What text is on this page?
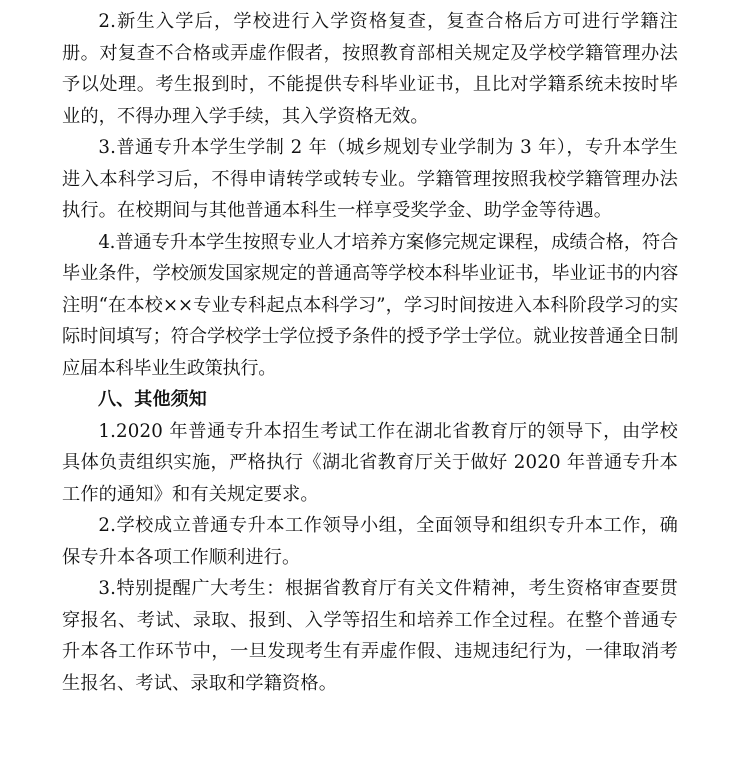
2.新生入学后，学校进行入学资格复查，复查合格后方可进行学籍注册。对复查不合格或弄虚作假者，按照教育部相关规定及学校学籍管理办法予以处理。考生报到时，不能提供专科毕业证书，且比对学籍系统未按时毕业的，不得办理入学手续，其入学资格无效。

3.普通专升本学生学制 2 年（城乡规划专业学制为 3 年），专升本学生进入本科学习后，不得申请转学或转专业。学籍管理按照我校学籍管理办法执行。在校期间与其他普通本科生一样享受奖学金、助学金等待遇。

4.普通专升本学生按照专业人才培养方案修完规定课程，成绩合格，符合毕业条件，学校颁发国家规定的普通高等学校本科毕业证书，毕业证书的内容注明“在本校××专业专科起点本科学习”，学习时间按进入本科阶段学习的实际时间填写；符合学校学士学位授予条件的授予学士学位。就业按普通全日制应届本科毕业生政策执行。

八、其他须知

1.2020 年普通专升本招生考试工作在湖北省教育厅的领导下，由学校具体负责组织实施，严格执行《湖北省教育厅关于做好 2020 年普通专升本工作的通知》和有关规定要求。

2.学校成立普通专升本工作领导小组，全面领导和组织专升本工作，确保专升本各项工作顺利进行。

3.特别提醒广大考生：根据省教育厅有关文件精神，考生资格审查要贯穿报名、考试、录取、报到、入学等招生和培养工作全过程。在整个普通专升本各工作环节中，一旦发现考生有弄虚作假、违规违纪行为，一律取消考生报名、考试、录取和学籍资格。
